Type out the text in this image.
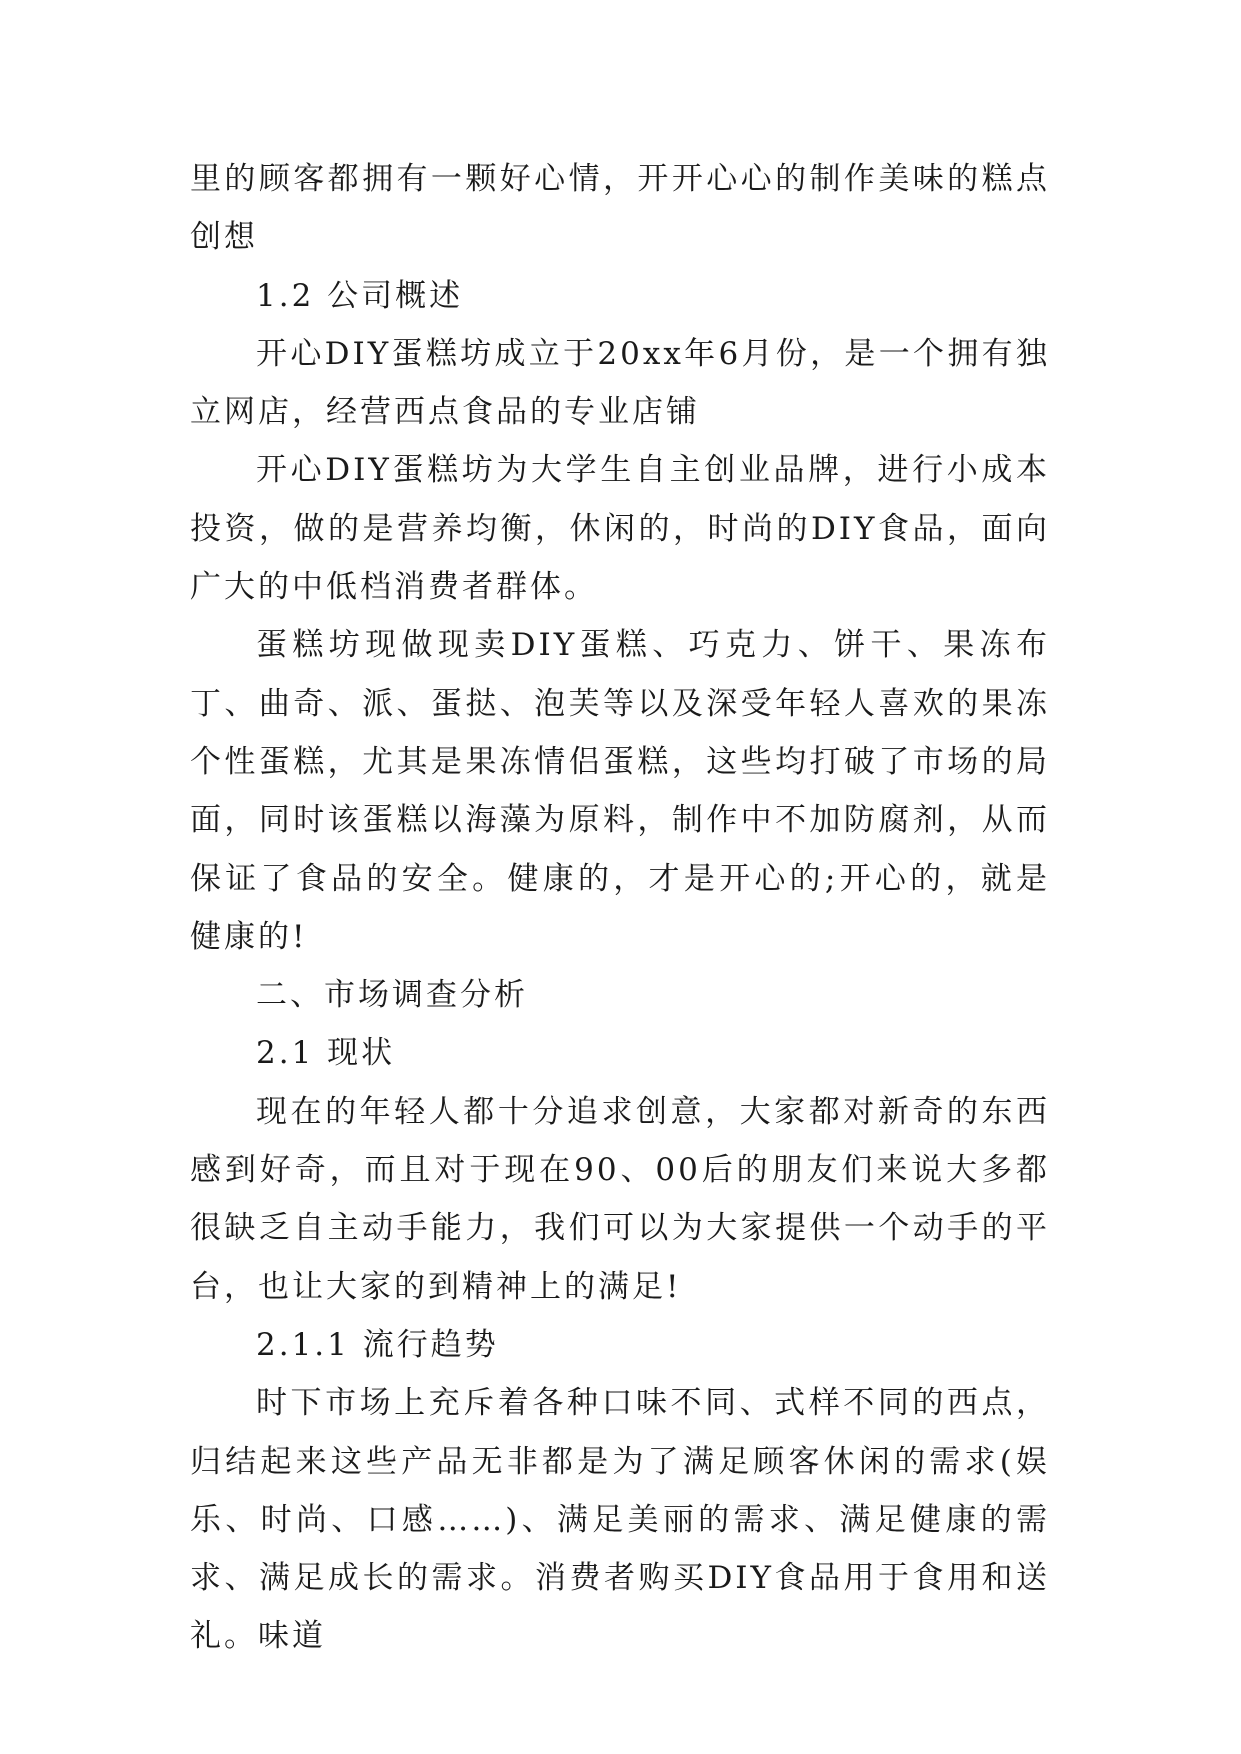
里的顾客都拥有一颗好心情，开开心心的制作美味的糕点创想

1.2 公司概述

开心DIY蛋糕坊成立于20xx年6月份，是一个拥有独立网店，经营西点食品的专业店铺

开心DIY蛋糕坊为大学生自主创业品牌，进行小成本投资，做的是营养均衡，休闲的，时尚的DIY食品，面向广大的中低档消费者群体。

蛋糕坊现做现卖DIY蛋糕、巧克力、饼干、果冻布丁、曲奇、派、蛋挞、泡芙等以及深受年轻人喜欢的果冻个性蛋糕，尤其是果冻情侣蛋糕，这些均打破了市场的局面，同时该蛋糕以海藻为原料，制作中不加防腐剂，从而保证了食品的安全。健康的，才是开心的;开心的，就是健康的!

二、市场调查分析

2.1 现状

现在的年轻人都十分追求创意，大家都对新奇的东西感到好奇，而且对于现在90、00后的朋友们来说大多都很缺乏自主动手能力，我们可以为大家提供一个动手的平台，也让大家的到精神上的满足!

2.1.1 流行趋势

时下市场上充斥着各种口味不同、式样不同的西点，归结起来这些产品无非都是为了满足顾客休闲的需求(娱乐、时尚、口感……)、满足美丽的需求、满足健康的需求、满足成长的需求。消费者购买DIY食品用于食用和送礼。味道
